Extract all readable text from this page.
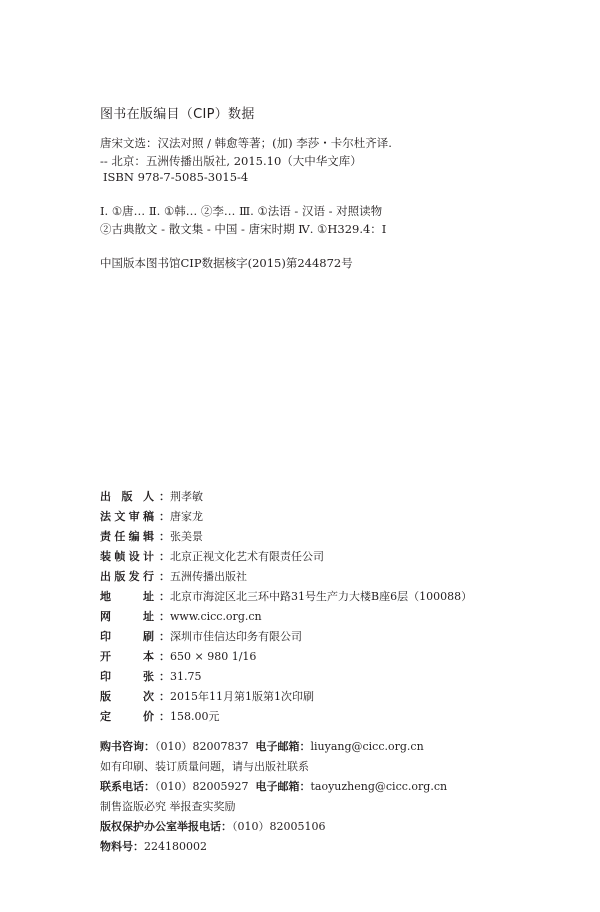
图书在版编目（CIP）数据
唐宋文选：汉法对照 / 韩愈等著；(加) 李莎・卡尔杜齐译.
-- 北京：五洲传播出版社, 2015.10（大中华文库）
ISBN 978-7-5085-3015-4
Ⅰ. ①唐… Ⅱ. ①韩… ②李… Ⅲ. ①法语 - 汉语 - 对照读物
②古典散文 - 散文集 - 中国 - 唐宋时期 Ⅳ. ①H329.4：I
中国版本图书馆CIP数据核字(2015)第244872号
出 版 人 ： 荆孝敏
法文审稿 ： 唐家龙
责任编辑 ： 张美景
装帧设计 ： 北京正视文化艺术有限责任公司
出版发行 ： 五洲传播出版社
地址 ： 北京市海淀区北三环中路31号生产力大楼B座6层（100088）
网址 ： www.cicc.org.cn
印刷 ： 深圳市佳信达印务有限公司
开本 ： 650 × 980 1/16
印张 ： 31.75
版次 ： 2015年11月第1版第1次印刷
定价 ： 158.00元
购书咨询：（010）82007837 电子邮箱：liuyang@cicc.org.cn
如有印刷、装订质量问题，请与出版社联系
联系电话：（010）82005927 电子邮箱：taoyuzheng@cicc.org.cn
制售盗版必究 举报查实奖励
版权保护办公室举报电话：（010）82005106
物料号：224180002
